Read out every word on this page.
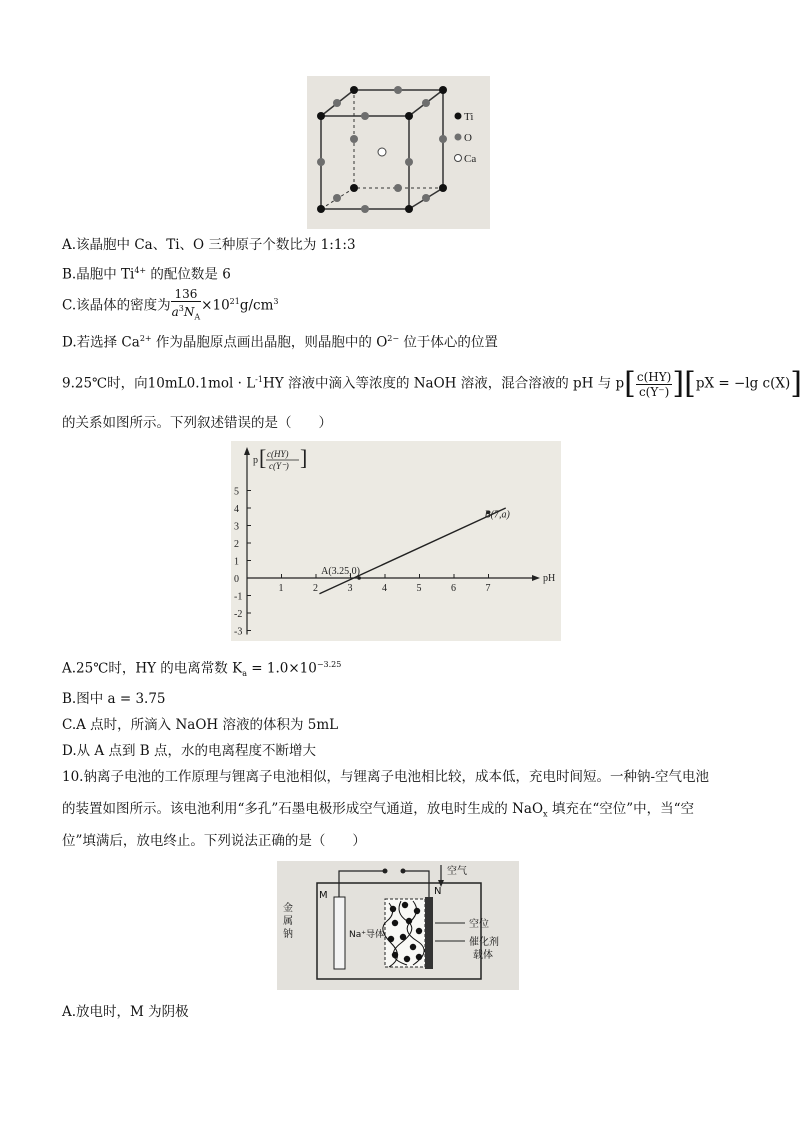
Ti
O
Ca
A.该晶胞中 Ca、Ti、O 三种原子个数比为 1:1:3
B.晶胞中 $Ti^{4+}$ 的配位数是 6
C.该晶体的密度为 $\frac{136}{a^3N_A} \times 10^{21}g/cm^3$
D.若选择 $Ca^{2+}$ 作为晶胞原点画出晶胞，则晶胞中的 $O^{2-}$ 位于体心的位置
9.25℃时，向$10mL0.1mol \cdot L^{-1}HY$ 溶液中滴入等浓度的 NaOH 溶液，混合溶液的 pH 与 $p[ \frac{c(HY)}{c(Y^-)} ][pX = -\lg$ c(X)]
的关系如图所示。下列叙述错误的是（　　）
1	2	3	4	5	6	7
5
4
3
2
1
0
-1
-2
-3
A(3.25,0)
B(7,a)
pH
p [ c(HY)
c(Y⁻) ]
A.25℃时，HY 的电离常数 $K_a = 1.0\times 10^{-3.25}$
B.图中 a = 3.75
C.A 点时，所滴入 NaOH 溶液的体积为 5mL
D.从 A 点到 B 点，水的电离程度不断增大
10.钠离子电池的工作原理与锂离子电池相似，与锂离子电池相比较，成本低，充电时间短。一种钠-空气电池
的装置如图所示。该电池利用“多孔”石墨电极形成空气通道，放电时生成的 NaO$_x$ 填充在“空位”中，当“空
位”填满后，放电终止。下列说法正确的是（　　）
金
属
钠
M	N
Na⁺导体
空气
空位
催化剂
载体
A.放电时，M 为阴极
